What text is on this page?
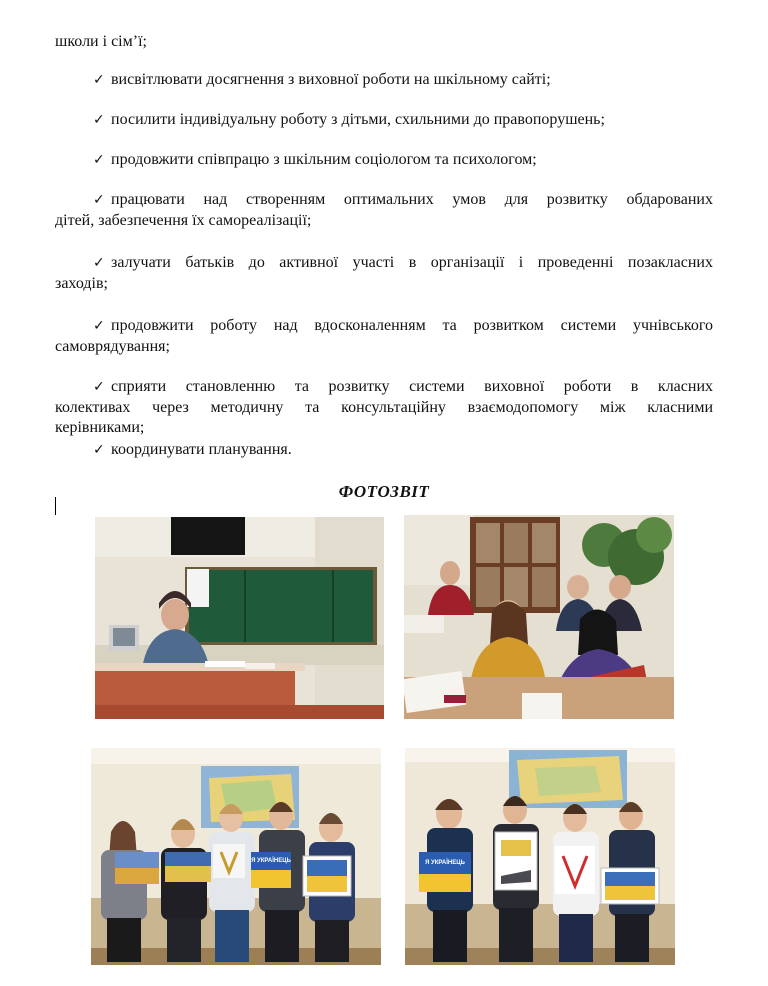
школи і сім’ї;
✓ висвітлювати досягнення з виховної роботи на шкільному сайті;
✓ посилити індивідуальну роботу з дітьми, схильними до правопорушень;
✓ продовжити співпрацю з шкільним соціологом та психологом;
✓ працювати над створенням оптимальних умов для розвитку обдарованих
дітей, забезпечення їх самореалізації;
✓ залучати батьків до активної участі в організації і проведенні позакласних
заходів;
✓ продовжити роботу над вдосконаленням та розвитком системи учнівського
самоврядування;
✓ сприяти становленню та розвитку системи виховної роботи в класних
колективах через методичну та консультаційну взаємодопомогу між класними
керівниками;
✓ координувати планування.
ФОТОЗВІТ
Я УКРАЇНЕЦЬ	Я УКРАЇНЕЦЬ
